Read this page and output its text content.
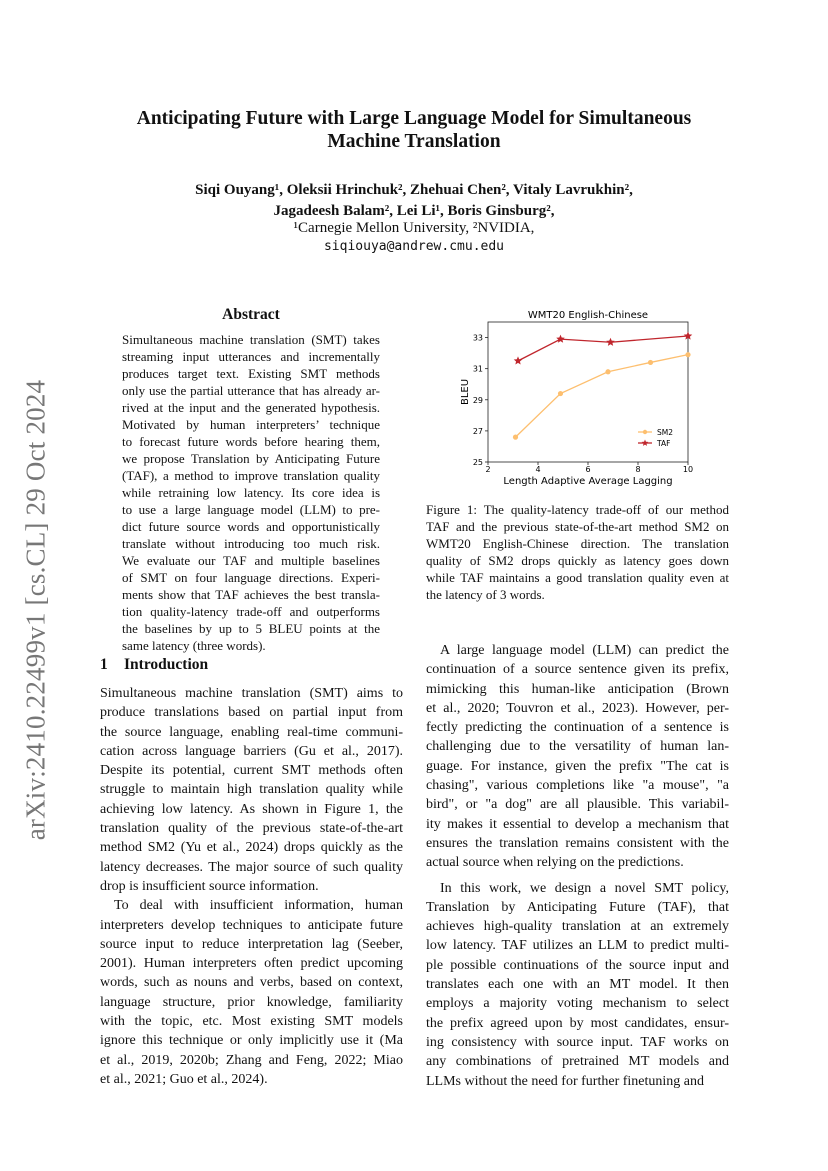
arXiv:2410.22499v1 [cs.CL] 29 Oct 2024
Anticipating Future with Large Language Model for Simultaneous
Machine Translation
Siqi Ouyang¹, Oleksii Hrinchuk², Zhehuai Chen², Vitaly Lavrukhin²,
Jagadeesh Balam², Lei Li¹, Boris Ginsburg²,
¹Carnegie Mellon University, ²NVIDIA,
siqiouya@andrew.cmu.edu
Abstract
Simultaneous machine translation (SMT) takes
streaming input utterances and incrementally
produces target text. Existing SMT methods
only use the partial utterance that has already ar-
rived at the input and the generated hypothesis.
Motivated by human interpreters’ technique
to forecast future words before hearing them,
we propose Translation by Anticipating Future
(TAF), a method to improve translation quality
while retraining low latency. Its core idea is
to use a large language model (LLM) to pre-
dict future source words and opportunistically
translate without introducing too much risk.
We evaluate our TAF and multiple baselines
of SMT on four language directions. Experi-
ments show that TAF achieves the best transla-
tion quality-latency trade-off and outperforms
the baselines by up to 5 BLEU points at the
same latency (three words).
1 Introduction
Simultaneous machine translation (SMT) aims to
produce translations based on partial input from
the source language, enabling real-time communi-
cation across language barriers (Gu et al., 2017).
Despite its potential, current SMT methods often
struggle to maintain high translation quality while
achieving low latency. As shown in Figure 1, the
translation quality of the previous state-of-the-art
method SM2 (Yu et al., 2024) drops quickly as the
latency decreases. The major source of such quality
drop is insufficient source information.
To deal with insufficient information, human
interpreters develop techniques to anticipate future
source input to reduce interpretation lag (Seeber,
2001). Human interpreters often predict upcoming
words, such as nouns and verbs, based on context,
language structure, prior knowledge, familiarity
with the topic, etc. Most existing SMT models
ignore this technique or only implicitly use it (Ma
et al., 2019, 2020b; Zhang and Feng, 2022; Miao
et al., 2021; Guo et al., 2024).
WMT20 English-Chinese
2	4	6	8	10
25
27
29
31
33
Length Adaptive Average Lagging
BLEU
SM2
TAF
Figure 1: The quality-latency trade-off of our method
TAF and the previous state-of-the-art method SM2 on
WMT20 English-Chinese direction. The translation
quality of SM2 drops quickly as latency goes down
while TAF maintains a good translation quality even at
the latency of 3 words.
A large language model (LLM) can predict the
continuation of a source sentence given its prefix,
mimicking this human-like anticipation (Brown
et al., 2020; Touvron et al., 2023). However, per-
fectly predicting the continuation of a sentence is
challenging due to the versatility of human lan-
guage. For instance, given the prefix "The cat is
chasing", various completions like "a mouse", "a
bird", or "a dog" are all plausible. This variabil-
ity makes it essential to develop a mechanism that
ensures the translation remains consistent with the
actual source when relying on the predictions.
In this work, we design a novel SMT policy,
Translation by Anticipating Future (TAF), that
achieves high-quality translation at an extremely
low latency. TAF utilizes an LLM to predict multi-
ple possible continuations of the source input and
translates each one with an MT model. It then
employs a majority voting mechanism to select
the prefix agreed upon by most candidates, ensur-
ing consistency with source input. TAF works on
any combinations of pretrained MT models and
LLMs without the need for further finetuning and
